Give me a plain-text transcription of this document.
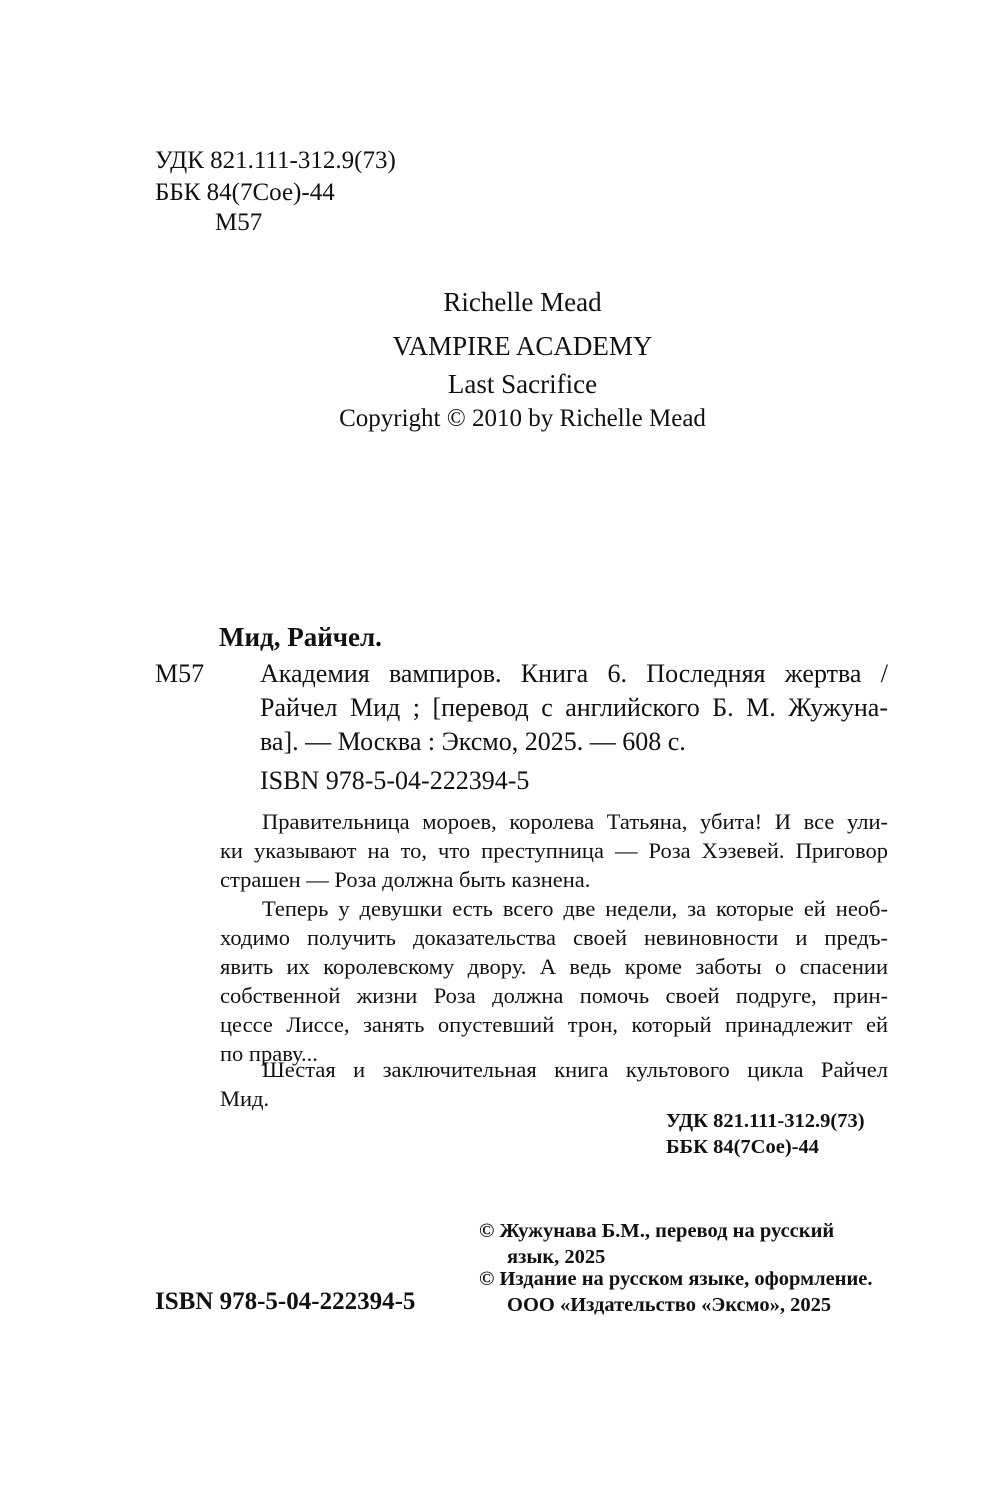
УДК 821.111-312.9(73)
ББК 84(7Сое)-44
М57
Richelle Mead
VAMPIRE ACADEMY
Last Sacrifice
Copyright © 2010 by Richelle Mead
Мид, Райчел.
М57 Академия вампиров. Книга 6. Последняя жертва /
Райчел Мид ; [перевод с английского Б. М. Жужуна-
ва]. — Москва : Эксмо, 2025. — 608 с.
ISBN 978-5-04-222394-5
Правительница мороев, королева Татьяна, убита! И все ули-
ки указывают на то, что преступница — Роза Хэзевей. Приговор
страшен — Роза должна быть казнена.
Теперь у девушки есть всего две недели, за которые ей необ-
ходимо получить доказательства своей невиновности и предъ-
явить их королевскому двору. А ведь кроме заботы о спасении
собственной жизни Роза должна помочь своей подруге, прин-
цессе Лиссе, занять опустевший трон, который принадлежит ей
по праву...
Шестая и заключительная книга культового цикла Райчел
Мид.
УДК 821.111-312.9(73)
ББК 84(7Сое)-44
© Жужунава Б.М., перевод на русский
язык, 2025
© Издание на русском языке, оформление.
ООО «Издательство «Эксмо», 2025
ISBN 978-5-04-222394-5
